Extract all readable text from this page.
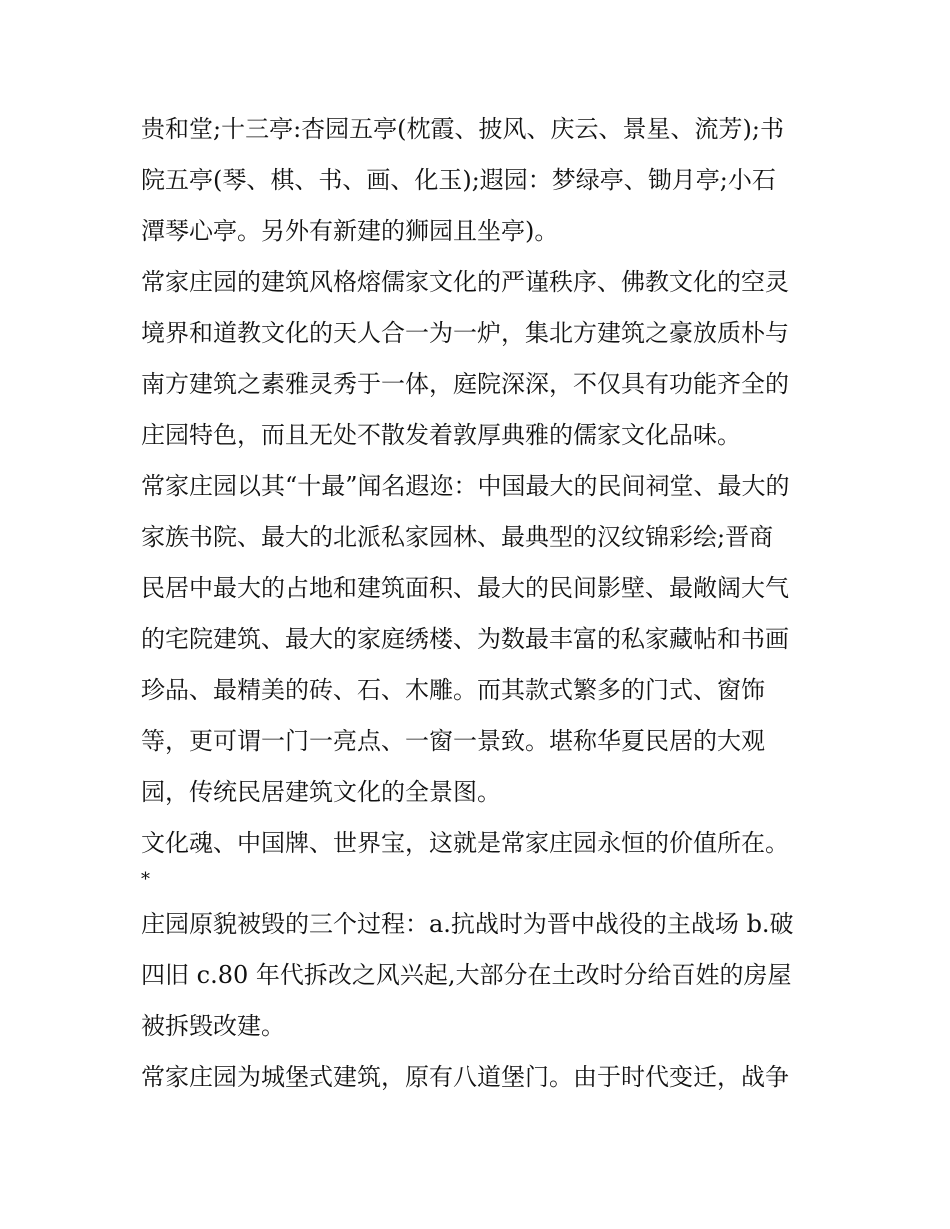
贵和堂;十三亭:杏园五亭(枕霞、披风、庆云、景星、流芳);书
院五亭(琴、棋、书、画、化玉);遐园：梦绿亭、锄月亭;小石
潭琴心亭。另外有新建的狮园且坐亭)。
常家庄园的建筑风格熔儒家文化的严谨秩序、佛教文化的空灵
境界和道教文化的天人合一为一炉，集北方建筑之豪放质朴与
南方建筑之素雅灵秀于一体，庭院深深，不仅具有功能齐全的
庄园特色，而且无处不散发着敦厚典雅的儒家文化品味。
常家庄园以其“十最”闻名遐迩：中国最大的民间祠堂、最大的
家族书院、最大的北派私家园林、最典型的汉纹锦彩绘;晋商
民居中最大的占地和建筑面积、最大的民间影壁、最敞阔大气
的宅院建筑、最大的家庭绣楼、为数最丰富的私家藏帖和书画
珍品、最精美的砖、石、木雕。而其款式繁多的门式、窗饰
等，更可谓一门一亮点、一窗一景致。堪称华夏民居的大观
园，传统民居建筑文化的全景图。
文化魂、中国牌、世界宝，这就是常家庄园永恒的价值所在。
*
庄园原貌被毁的三个过程：a.抗战时为晋中战役的主战场 b.破
四旧 c.80 年代拆改之风兴起,大部分在土改时分给百姓的房屋
被拆毁改建。
常家庄园为城堡式建筑，原有八道堡门。由于时代变迁，战争
